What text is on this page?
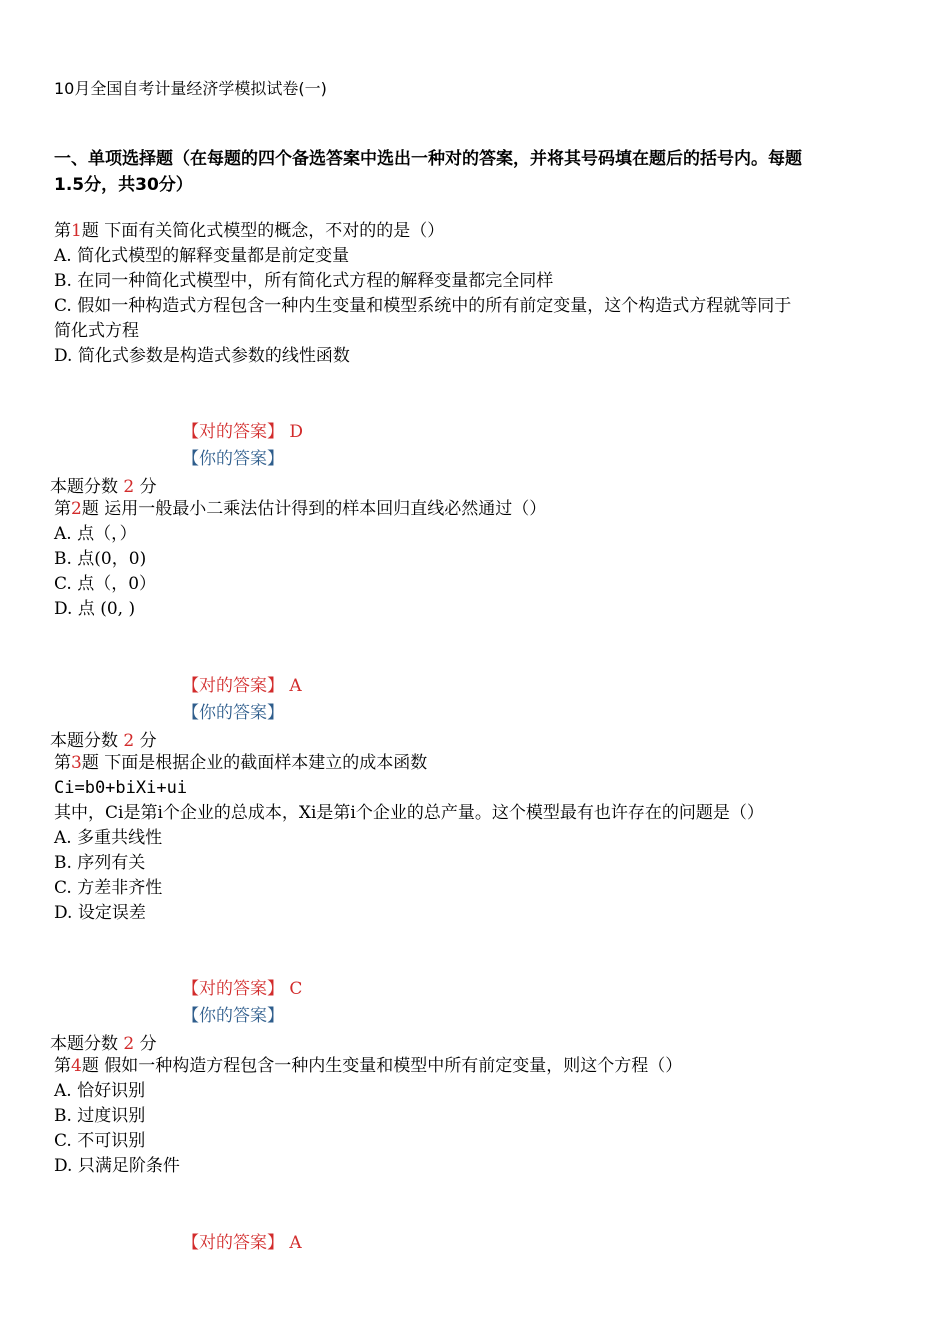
10月全国自考计量经济学模拟试卷(一)
一、单项选择题（在每题的四个备选答案中选出一种对的答案，并将其号码填在题后的括号内。每题
1.5分，共30分）
第1题 下面有关简化式模型的概念，不对的的是（）
A. 简化式模型的解释变量都是前定变量
B. 在同一种简化式模型中，所有简化式方程的解释变量都完全同样
C. 假如一种构造式方程包含一种内生变量和模型系统中的所有前定变量，这个构造式方程就等同于
简化式方程
D. 简化式参数是构造式参数的线性函数
【对的答案】 D
【你的答案】
本题分数 2 分
第2题 运用一般最小二乘法估计得到的样本回归直线必然通过（）
A. 点（，）
B. 点(0，0)
C. 点（，0）
D. 点 (0, )
【对的答案】 A
【你的答案】
本题分数 2 分
第3题 下面是根据企业的截面样本建立的成本函数
Ci=b0+biXi+ui
其中，Ci是第i个企业的总成本，Xi是第i个企业的总产量。这个模型最有也许存在的问题是（）
A. 多重共线性
B. 序列有关
C. 方差非齐性
D. 设定误差
【对的答案】 C
【你的答案】
本题分数 2 分
第4题 假如一种构造方程包含一种内生变量和模型中所有前定变量，则这个方程（）
A. 恰好识别
B. 过度识别
C. 不可识别
D. 只满足阶条件
【对的答案】 A
